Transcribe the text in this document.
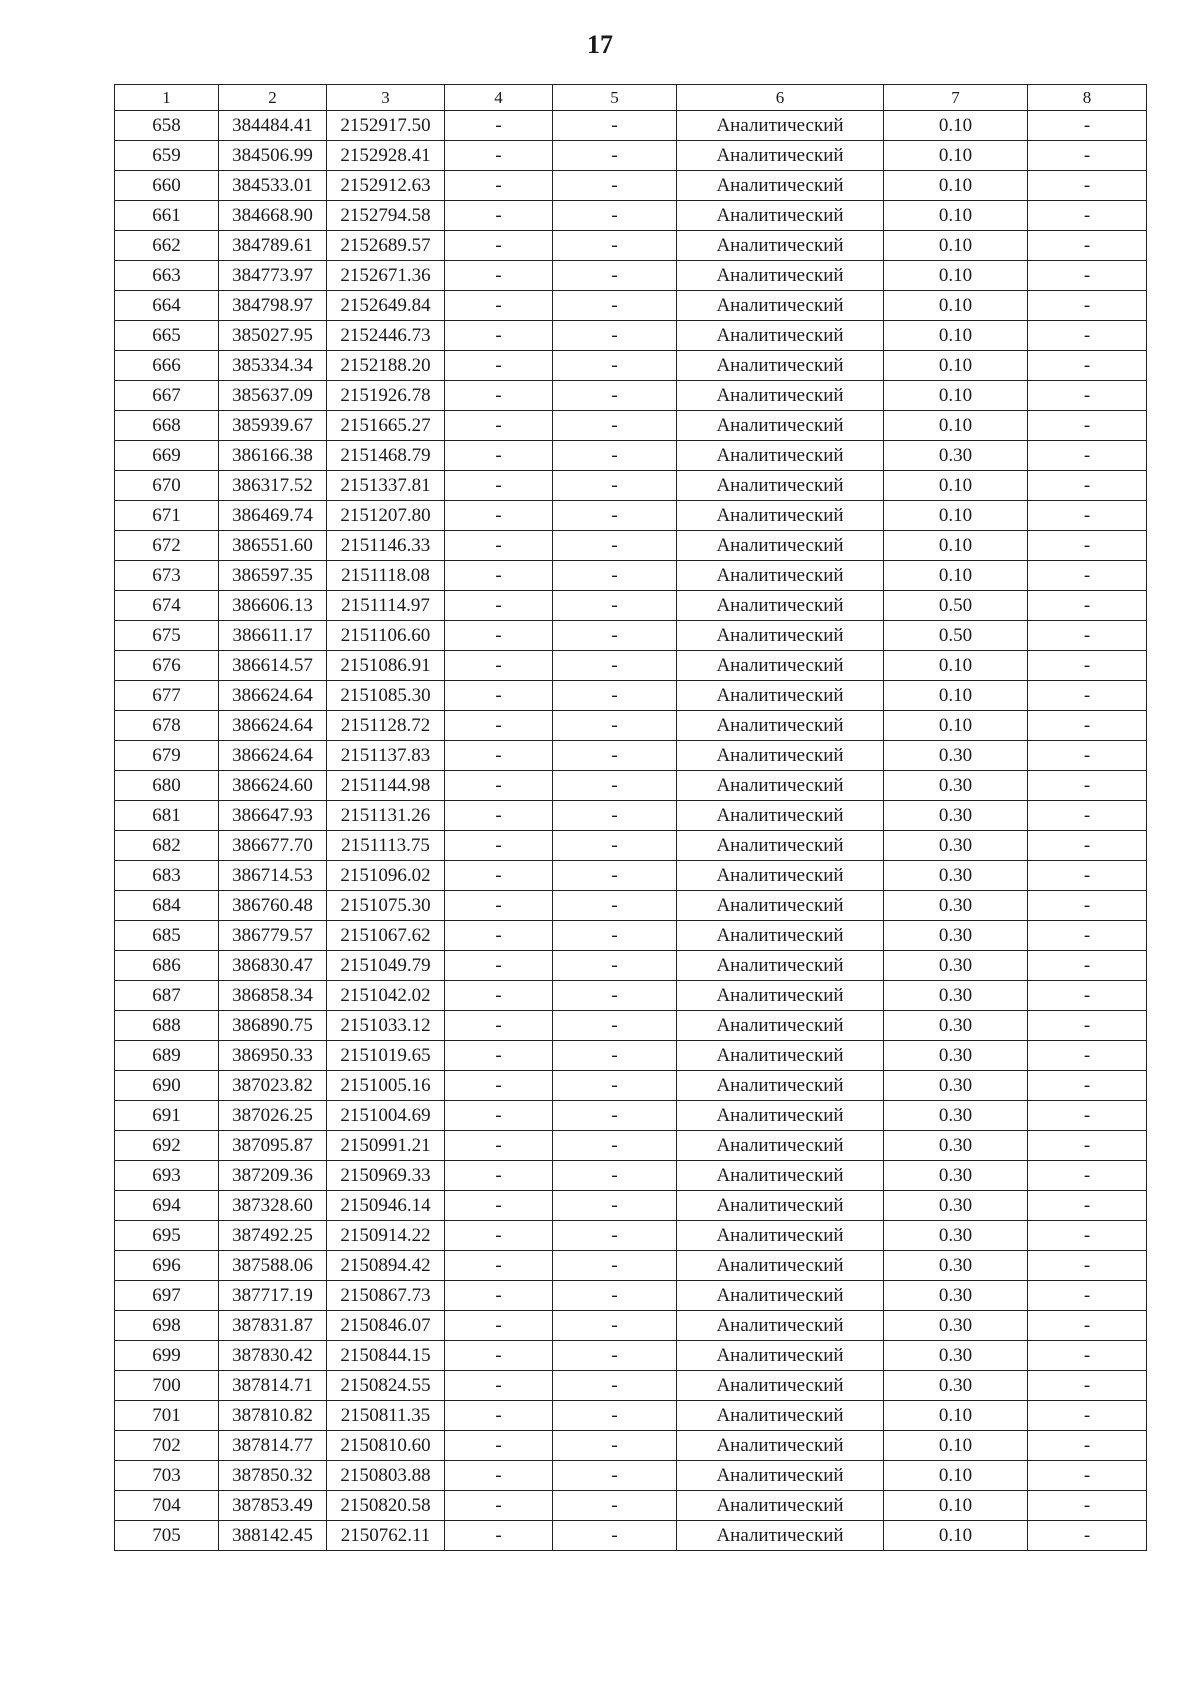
17
1	2	3	4	5	6	7	8
658	384484.41	2152917.50	-	-	Аналитический	0.10	-
659	384506.99	2152928.41	-	-	Аналитический	0.10	-
660	384533.01	2152912.63	-	-	Аналитический	0.10	-
661	384668.90	2152794.58	-	-	Аналитический	0.10	-
662	384789.61	2152689.57	-	-	Аналитический	0.10	-
663	384773.97	2152671.36	-	-	Аналитический	0.10	-
664	384798.97	2152649.84	-	-	Аналитический	0.10	-
665	385027.95	2152446.73	-	-	Аналитический	0.10	-
666	385334.34	2152188.20	-	-	Аналитический	0.10	-
667	385637.09	2151926.78	-	-	Аналитический	0.10	-
668	385939.67	2151665.27	-	-	Аналитический	0.10	-
669	386166.38	2151468.79	-	-	Аналитический	0.30	-
670	386317.52	2151337.81	-	-	Аналитический	0.10	-
671	386469.74	2151207.80	-	-	Аналитический	0.10	-
672	386551.60	2151146.33	-	-	Аналитический	0.10	-
673	386597.35	2151118.08	-	-	Аналитический	0.10	-
674	386606.13	2151114.97	-	-	Аналитический	0.50	-
675	386611.17	2151106.60	-	-	Аналитический	0.50	-
676	386614.57	2151086.91	-	-	Аналитический	0.10	-
677	386624.64	2151085.30	-	-	Аналитический	0.10	-
678	386624.64	2151128.72	-	-	Аналитический	0.10	-
679	386624.64	2151137.83	-	-	Аналитический	0.30	-
680	386624.60	2151144.98	-	-	Аналитический	0.30	-
681	386647.93	2151131.26	-	-	Аналитический	0.30	-
682	386677.70	2151113.75	-	-	Аналитический	0.30	-
683	386714.53	2151096.02	-	-	Аналитический	0.30	-
684	386760.48	2151075.30	-	-	Аналитический	0.30	-
685	386779.57	2151067.62	-	-	Аналитический	0.30	-
686	386830.47	2151049.79	-	-	Аналитический	0.30	-
687	386858.34	2151042.02	-	-	Аналитический	0.30	-
688	386890.75	2151033.12	-	-	Аналитический	0.30	-
689	386950.33	2151019.65	-	-	Аналитический	0.30	-
690	387023.82	2151005.16	-	-	Аналитический	0.30	-
691	387026.25	2151004.69	-	-	Аналитический	0.30	-
692	387095.87	2150991.21	-	-	Аналитический	0.30	-
693	387209.36	2150969.33	-	-	Аналитический	0.30	-
694	387328.60	2150946.14	-	-	Аналитический	0.30	-
695	387492.25	2150914.22	-	-	Аналитический	0.30	-
696	387588.06	2150894.42	-	-	Аналитический	0.30	-
697	387717.19	2150867.73	-	-	Аналитический	0.30	-
698	387831.87	2150846.07	-	-	Аналитический	0.30	-
699	387830.42	2150844.15	-	-	Аналитический	0.30	-
700	387814.71	2150824.55	-	-	Аналитический	0.30	-
701	387810.82	2150811.35	-	-	Аналитический	0.10	-
702	387814.77	2150810.60	-	-	Аналитический	0.10	-
703	387850.32	2150803.88	-	-	Аналитический	0.10	-
704	387853.49	2150820.58	-	-	Аналитический	0.10	-
705	388142.45	2150762.11	-	-	Аналитический	0.10	-
